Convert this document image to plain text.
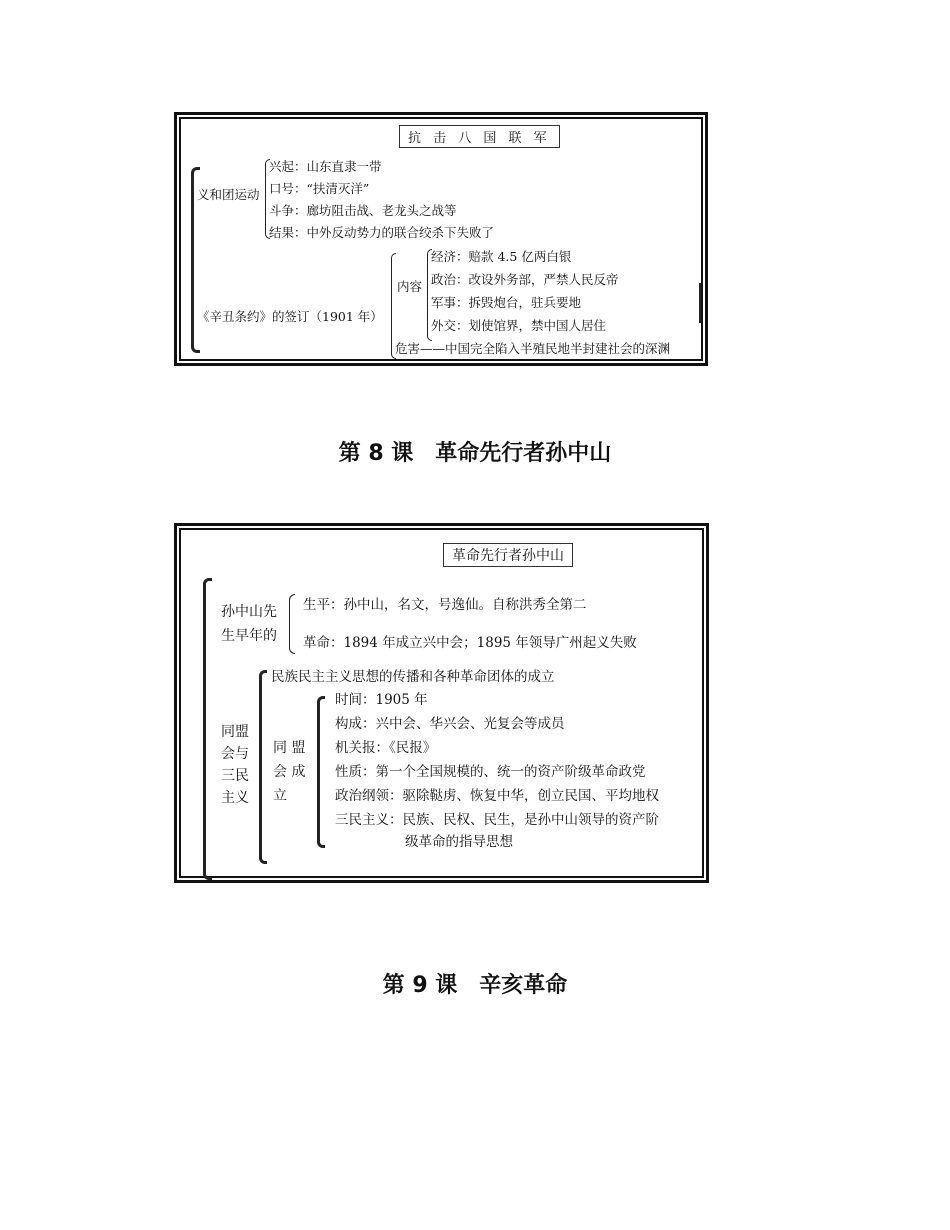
抗 击 八 国 联 军
义和团运动
兴起：山东直隶一带
口号：“扶清灭洋”
斗争：廊坊阻击战、老龙头之战等
结果：中外反动势力的联合绞杀下失败了
《辛丑条约》的签订（1901 年）
内容
经济：赔款 4.5 亿两白银
政治：改设外务部，严禁人民反帝
军事：拆毁炮台，驻兵要地
外交：划使馆界，禁中国人居住
危害——中国完全陷入半殖民地半封建社会的深渊
第 8 课　革命先行者孙中山
革命先行者孙中山
孙中山先
生早年的
生平：孙中山，名文，号逸仙。自称洪秀全第二
革命：1894 年成立兴中会；1895 年领导广州起义失败
同盟
会与
三民
主义
民族民主主义思想的传播和各种革命团体的成立
同 盟
会 成
立
时间：1905 年
构成：兴中会、华兴会、光复会等成员
机关报：《民报》
性质：第一个全国规模的、统一的资产阶级革命政党
政治纲领：驱除鞑虏、恢复中华，创立民国、平均地权
三民主义：民族、民权、民生，是孙中山领导的资产阶
级革命的指导思想
第 9 课　辛亥革命
